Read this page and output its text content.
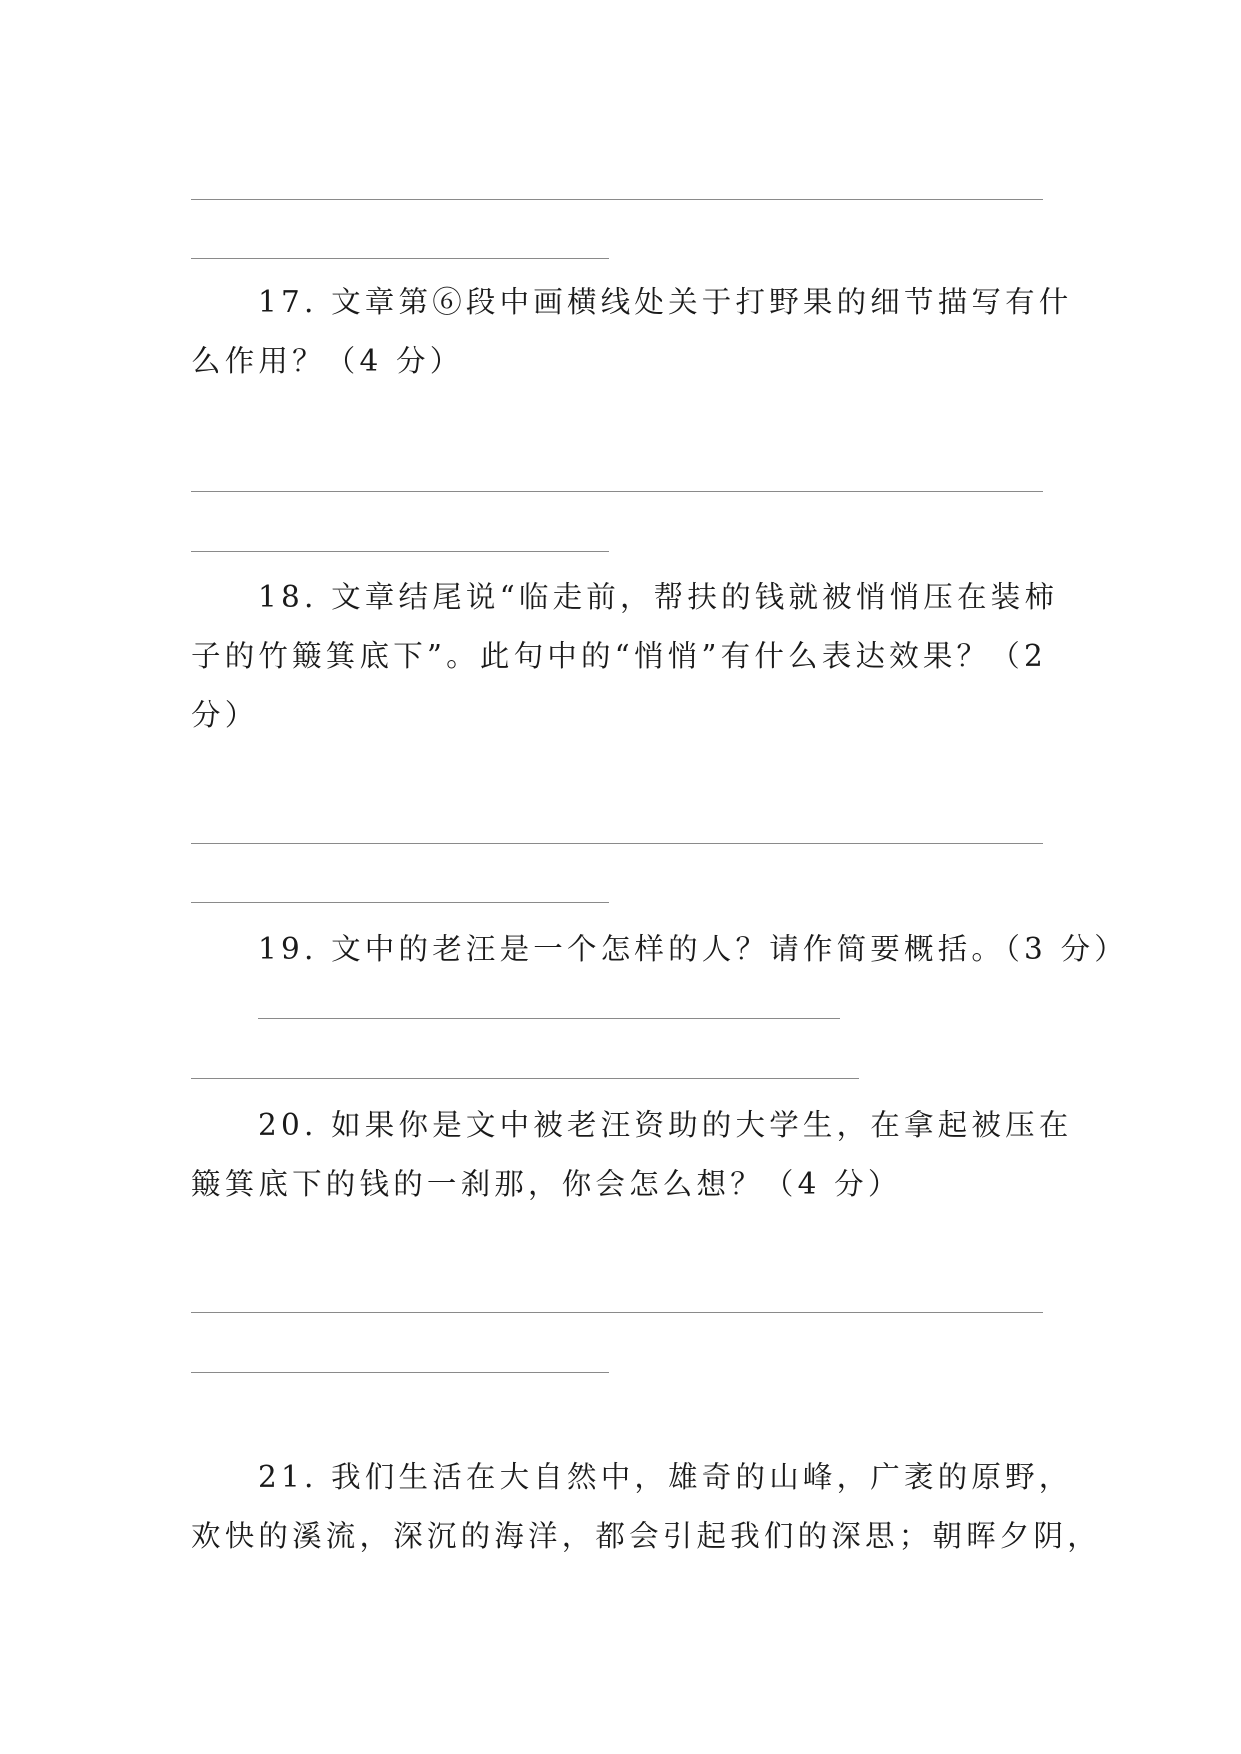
17. 文章第⑥段中画横线处关于打野果的细节描写有什
么作用？（4 分）
18. 文章结尾说“临走前，帮扶的钱就被悄悄压在装柿
子的竹簸箕底下”。此句中的“悄悄”有什么表达效果？（2
分）
19. 文中的老汪是一个怎样的人？请作简要概括。（3 分）
20. 如果你是文中被老汪资助的大学生，在拿起被压在
簸箕底下的钱的一刹那，你会怎么想？（4 分）
21. 我们生活在大自然中，雄奇的山峰，广袤的原野，
欢快的溪流，深沉的海洋，都会引起我们的深思；朝晖夕阴，
